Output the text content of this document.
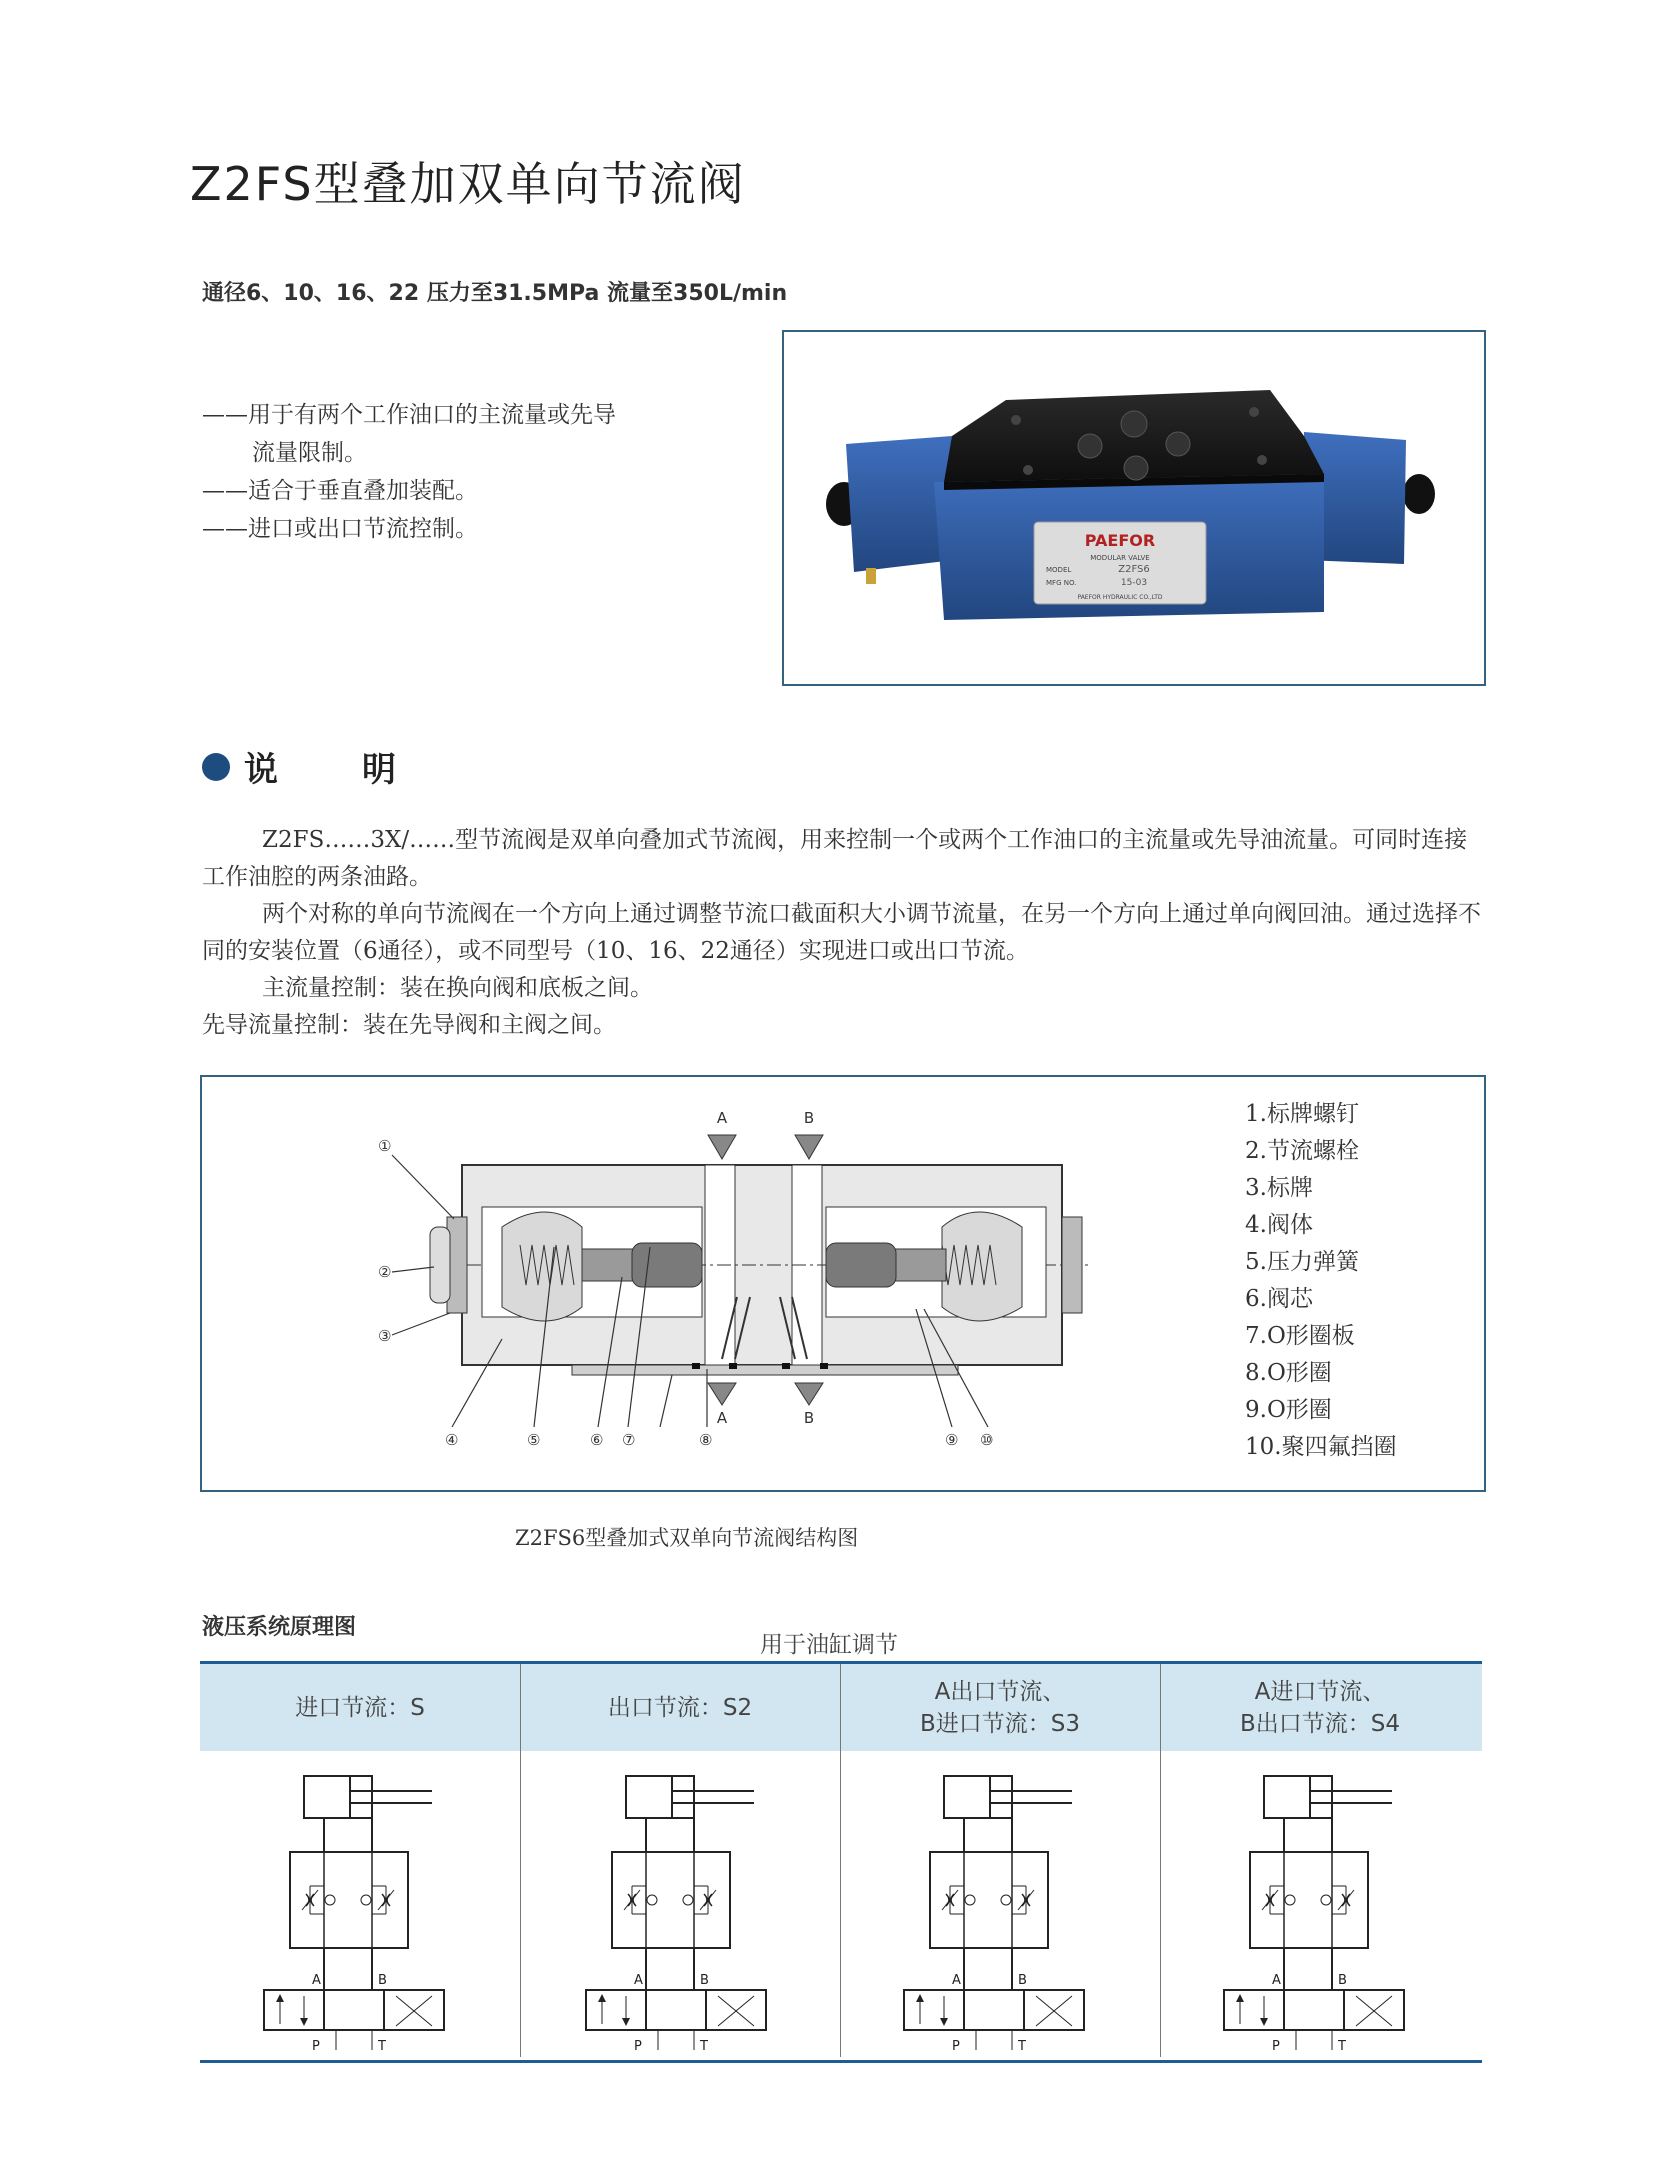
Z2FS型叠加双单向节流阀
通径6、10、16、22 压力至31.5MPa 流量至350L/min
——用于有两个工作油口的主流量或先导
流量限制。
——适合于垂直叠加装配。
——进口或出口节流控制。	PAEFOR
MODULAR VALVE
MODEL	Z2FS6
MFG NO.	15-03
PAEFOR HYDRAULIC CO.,LTD
说 明

Z2FS……3X/……型节流阀是双单向叠加式节流阀，用来控制一个或两个工作油口的主流量或先导油流量。可同时连接工作油腔的两条油路。

两个对称的单向节流阀在一个方向上通过调整节流口截面积大小调节流量，在另一个方向上通过单向阀回油。通过选择不同的安装位置（6通径），或不同型号（10、16、22通径）实现进口或出口节流。

主流量控制：装在换向阀和底板之间。

先导流量控制：装在先导阀和主阀之间。

A	B
A	B
①
②
③
④	⑤	⑥ ⑦	⑧	⑨ ⑩
1.标牌螺钉
2.节流螺栓
3.标牌
4.阀体
5.压力弹簧
6.阀芯
7.O形圈板
8.O形圈
9.O形圈
10.聚四氟挡圈
Z2FS6型叠加式双单向节流阀结构图
液压系统原理图
用于油缸调节
进口节流：S	出口节流：S2
A出口节流、
B进口节流：S3
A进口节流、
B出口节流：S4
A	B
P	T
A	B
P	T
A	B
P	T
A	B
P	T
